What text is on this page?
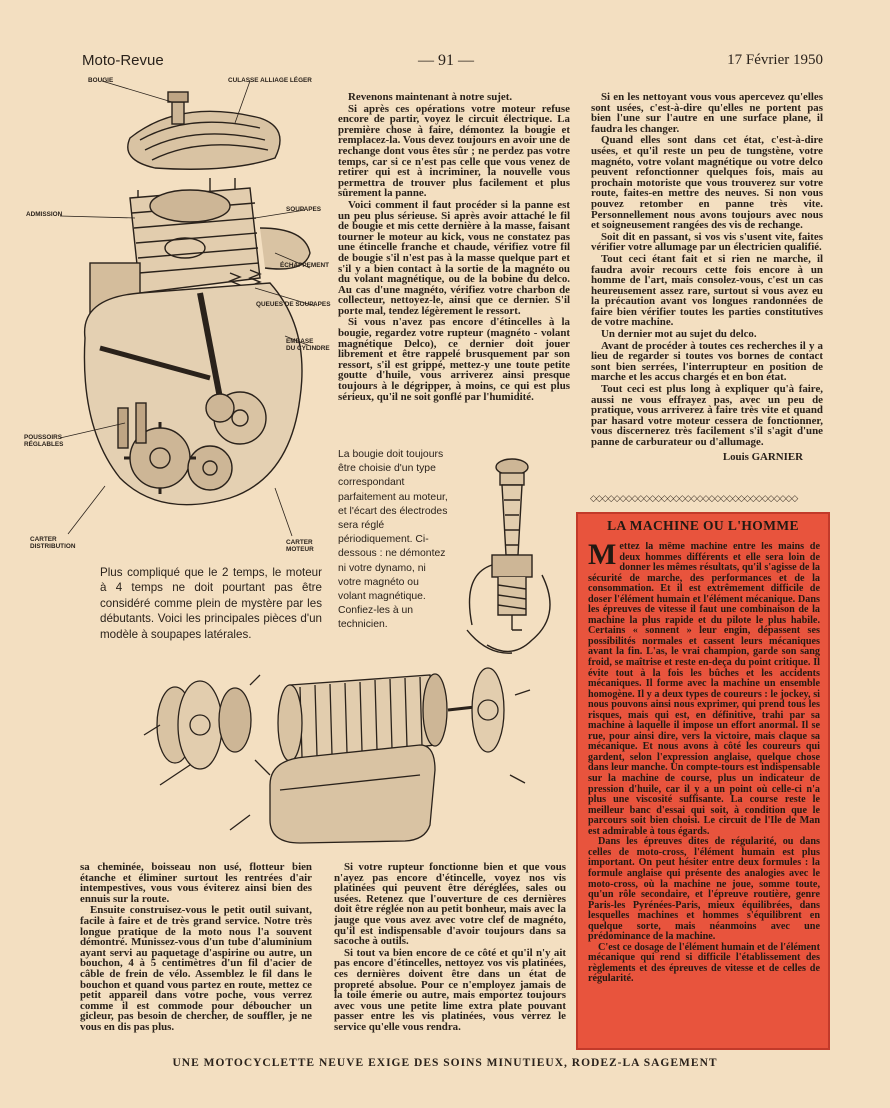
Moto-Revue	— 91 —	17 Février 1950
BOUGIE	CULASSE ALLIAGE LÉGER
ADMISSION
SOUPAPES
ÉCHAPPEMENT
QUEUES DE SOUPAPES
EMBASE
DU CYLINDRE
POUSSOIRS
RÉGLABLES
CARTER
DISTRIBUTION
CARTER
MOTEUR
Plus compliqué que le 2 temps, le moteur à 4 temps ne doit pourtant pas être considéré comme plein de mystère par les débutants. Voici les principales pièces d'un modèle à soupapes latérales.

Revenons maintenant à notre sujet.

Si après ces opérations votre moteur refuse encore de partir, voyez le circuit électrique. La première chose à faire, démontez la bougie et remplacez-la. Vous devez toujours en avoir une de rechange dont vous êtes sûr ; ne perdez pas votre temps, car si ce n'est pas celle que vous venez de retirer qui est à incriminer, la nouvelle vous permettra de trouver plus facilement et plus sûrement la panne.

Voici comment il faut procéder si la panne est un peu plus sérieuse. Si après avoir attaché le fil de bougie et mis cette dernière à la masse, faisant tourner le moteur au kick, vous ne constatez pas une étincelle franche et chaude, vérifiez votre fil de bougie s'il n'est pas à la masse quelque part et s'il y a bien contact à la sortie de la magnéto ou du volant magnétique, ou de la bobine du delco. Au cas d'une magnéto, vérifiez votre charbon de collecteur, nettoyez-le, ainsi que ce dernier. S'il porte mal, tendez légèrement le ressort.

Si vous n'avez pas encore d'étincelles à la bougie, regardez votre rupteur (magnéto - volant magnétique Delco), ce dernier doit jouer librement et être rappelé brusquement par son ressort, s'il est grippé, mettez-y une toute petite goutte d'huile, vous arriverez ainsi presque toujours à le dégripper, à moins, ce qui est plus sérieux, qu'il ne soit gonflé par l'humidité.

Si en les nettoyant vous vous apercevez qu'elles sont usées, c'est-à-dire qu'elles ne portent pas bien l'une sur l'autre en une surface plane, il faudra les changer.

Quand elles sont dans cet état, c'est-à-dire usées, et qu'il reste un peu de tungstène, votre magnéto, votre volant magnétique ou votre delco peuvent refonctionner quelques fois, mais au prochain motoriste que vous trouverez sur votre route, faites-en mettre des neuves. Si non vous pouvez retomber en panne très vite. Personnellement nous avons toujours avec nous et soigneusement rangées des vis de rechange.

Soit dit en passant, si vos vis s'usent vite, faites vérifier votre allumage par un électricien qualifié.

Tout ceci étant fait et si rien ne marche, il faudra avoir recours cette fois encore à un homme de l'art, mais consolez-vous, c'est un cas heureusement assez rare, surtout si vous avez eu la précaution avant vos longues randonnées de faire bien vérifier toutes les parties constitutives de votre machine.

Un dernier mot au sujet du delco.

Avant de procéder à toutes ces recherches il y a lieu de regarder si toutes vos bornes de contact sont bien serrées, l'interrupteur en position de marche et les accus chargés et en bon état.

Tout ceci est plus long à expliquer qu'à faire, aussi ne vous effrayez pas, avec un peu de pratique, vous arriverez à faire très vite et quand par hasard votre moteur cessera de fonctionner, vous discernerez très facilement s'il s'agit d'une panne de carburateur ou d'allumage.

Louis GARNIER

La bougie doit toujours être choisie d'un type correspondant parfaitement au moteur, et l'écart des électrodes sera réglé périodiquement. Ci-dessous : ne démontez ni votre dynamo, ni votre magnéto ou volant magnétique. Confiez-les à un technicien.

sa cheminée, boisseau non usé, flotteur bien étanche et éliminer surtout les rentrées d'air intempestives, vous vous éviterez ainsi bien des ennuis sur la route.

Ensuite construisez-vous le petit outil suivant, facile à faire et de très grand service. Notre très longue pratique de la moto nous l'a souvent démontré. Munissez-vous d'un tube d'aluminium ayant servi au paquetage d'aspirine ou autre, un bouchon, 4 à 5 centimètres d'un fil d'acier de câble de frein de vélo. Assemblez le fil dans le bouchon et quand vous partez en route, mettez ce petit appareil dans votre poche, vous verrez comme il est commode pour déboucher un gicleur, pas besoin de chercher, de souffler, je ne vous en dis pas plus.

Si votre rupteur fonctionne bien et que vous n'ayez pas encore d'étincelle, voyez nos vis platinées qui peuvent être déréglées, sales ou usées. Retenez que l'ouverture de ces dernières doit être réglée non au petit bonheur, mais avec la jauge que vous avez avec votre clef de magnéto, qu'il est indispensable d'avoir toujours dans sa sacoche à outils.

Si tout va bien encore de ce côté et qu'il n'y ait pas encore d'étincelles, nettoyez vos vis platinées, ces dernières doivent être dans un état de propreté absolue. Pour ce n'employez jamais de la toile émerie ou autre, mais emportez toujours avec vous une petite lime extra plate pouvant passer entre les vis platinées, vous verrez le service qu'elle vous rendra.

◇◇◇◇◇◇◇◇◇◇◇◇◇◇◇◇◇◇◇◇◇◇◇◇◇◇◇◇◇◇◇◇◇◇◇
LA MACHINE OU L'HOMME

Mettez la même machine entre les mains de deux hommes différents et elle sera loin de donner les mêmes résultats, qu'il s'agisse de la sécurité de marche, des performances et de la consommation. Et il est extrêmement difficile de doser l'élément humain et l'élément mécanique. Dans les épreuves de vitesse il faut une combinaison de la machine la plus rapide et du pilote le plus habile. Certains « sonnent » leur engin, dépassent ses possibilités normales et cassent leurs mécaniques avant la fin. L'as, le vrai champion, garde son sang froid, se maîtrise et reste en-deça du point critique. Il évite tout à la fois les bûches et les accidents mécaniques. Il forme avec la machine un ensemble homogène. Il y a deux types de coureurs : le jockey, si nous pouvons ainsi nous exprimer, qui prend tous les risques, mais qui est, en définitive, trahi par sa machine à laquelle il impose un effort anormal. Il se rue, pour ainsi dire, vers la victoire, mais claque sa mécanique. Et nous avons à côté les coureurs qui gardent, selon l'expression anglaise, quelque chose dans leur manche. Un compte-tours est indispensable sur la machine de course, plus un indicateur de pression d'huile, car il y a un point où celle-ci n'a plus une viscosité suffisante. La course reste le meilleur banc d'essai qui soit, à condition que le parcours soit bien choisi. Le circuit de l'Ile de Man est admirable à tous égards.

Dans les épreuves dites de régularité, ou dans celles de moto-cross, l'élément humain est plus important. On peut hésiter entre deux formules : la formule anglaise qui présente des analogies avec le moto-cross, où la machine ne joue, somme toute, qu'un rôle secondaire, et l'épreuve routière, genre Paris-les Pyrénées-Paris, mieux équilibrées, dans lesquelles machines et hommes s'équilibrent en quelque sorte, mais néanmoins avec une prédominance de la machine.

C'est ce dosage de l'élément humain et de l'élément mécanique qui rend si difficile l'établissement des règlements et des épreuves de vitesse et de celles de régularité.

UNE MOTOCYCLETTE NEUVE EXIGE DES SOINS MINUTIEUX, RODEZ-LA SAGEMENT
